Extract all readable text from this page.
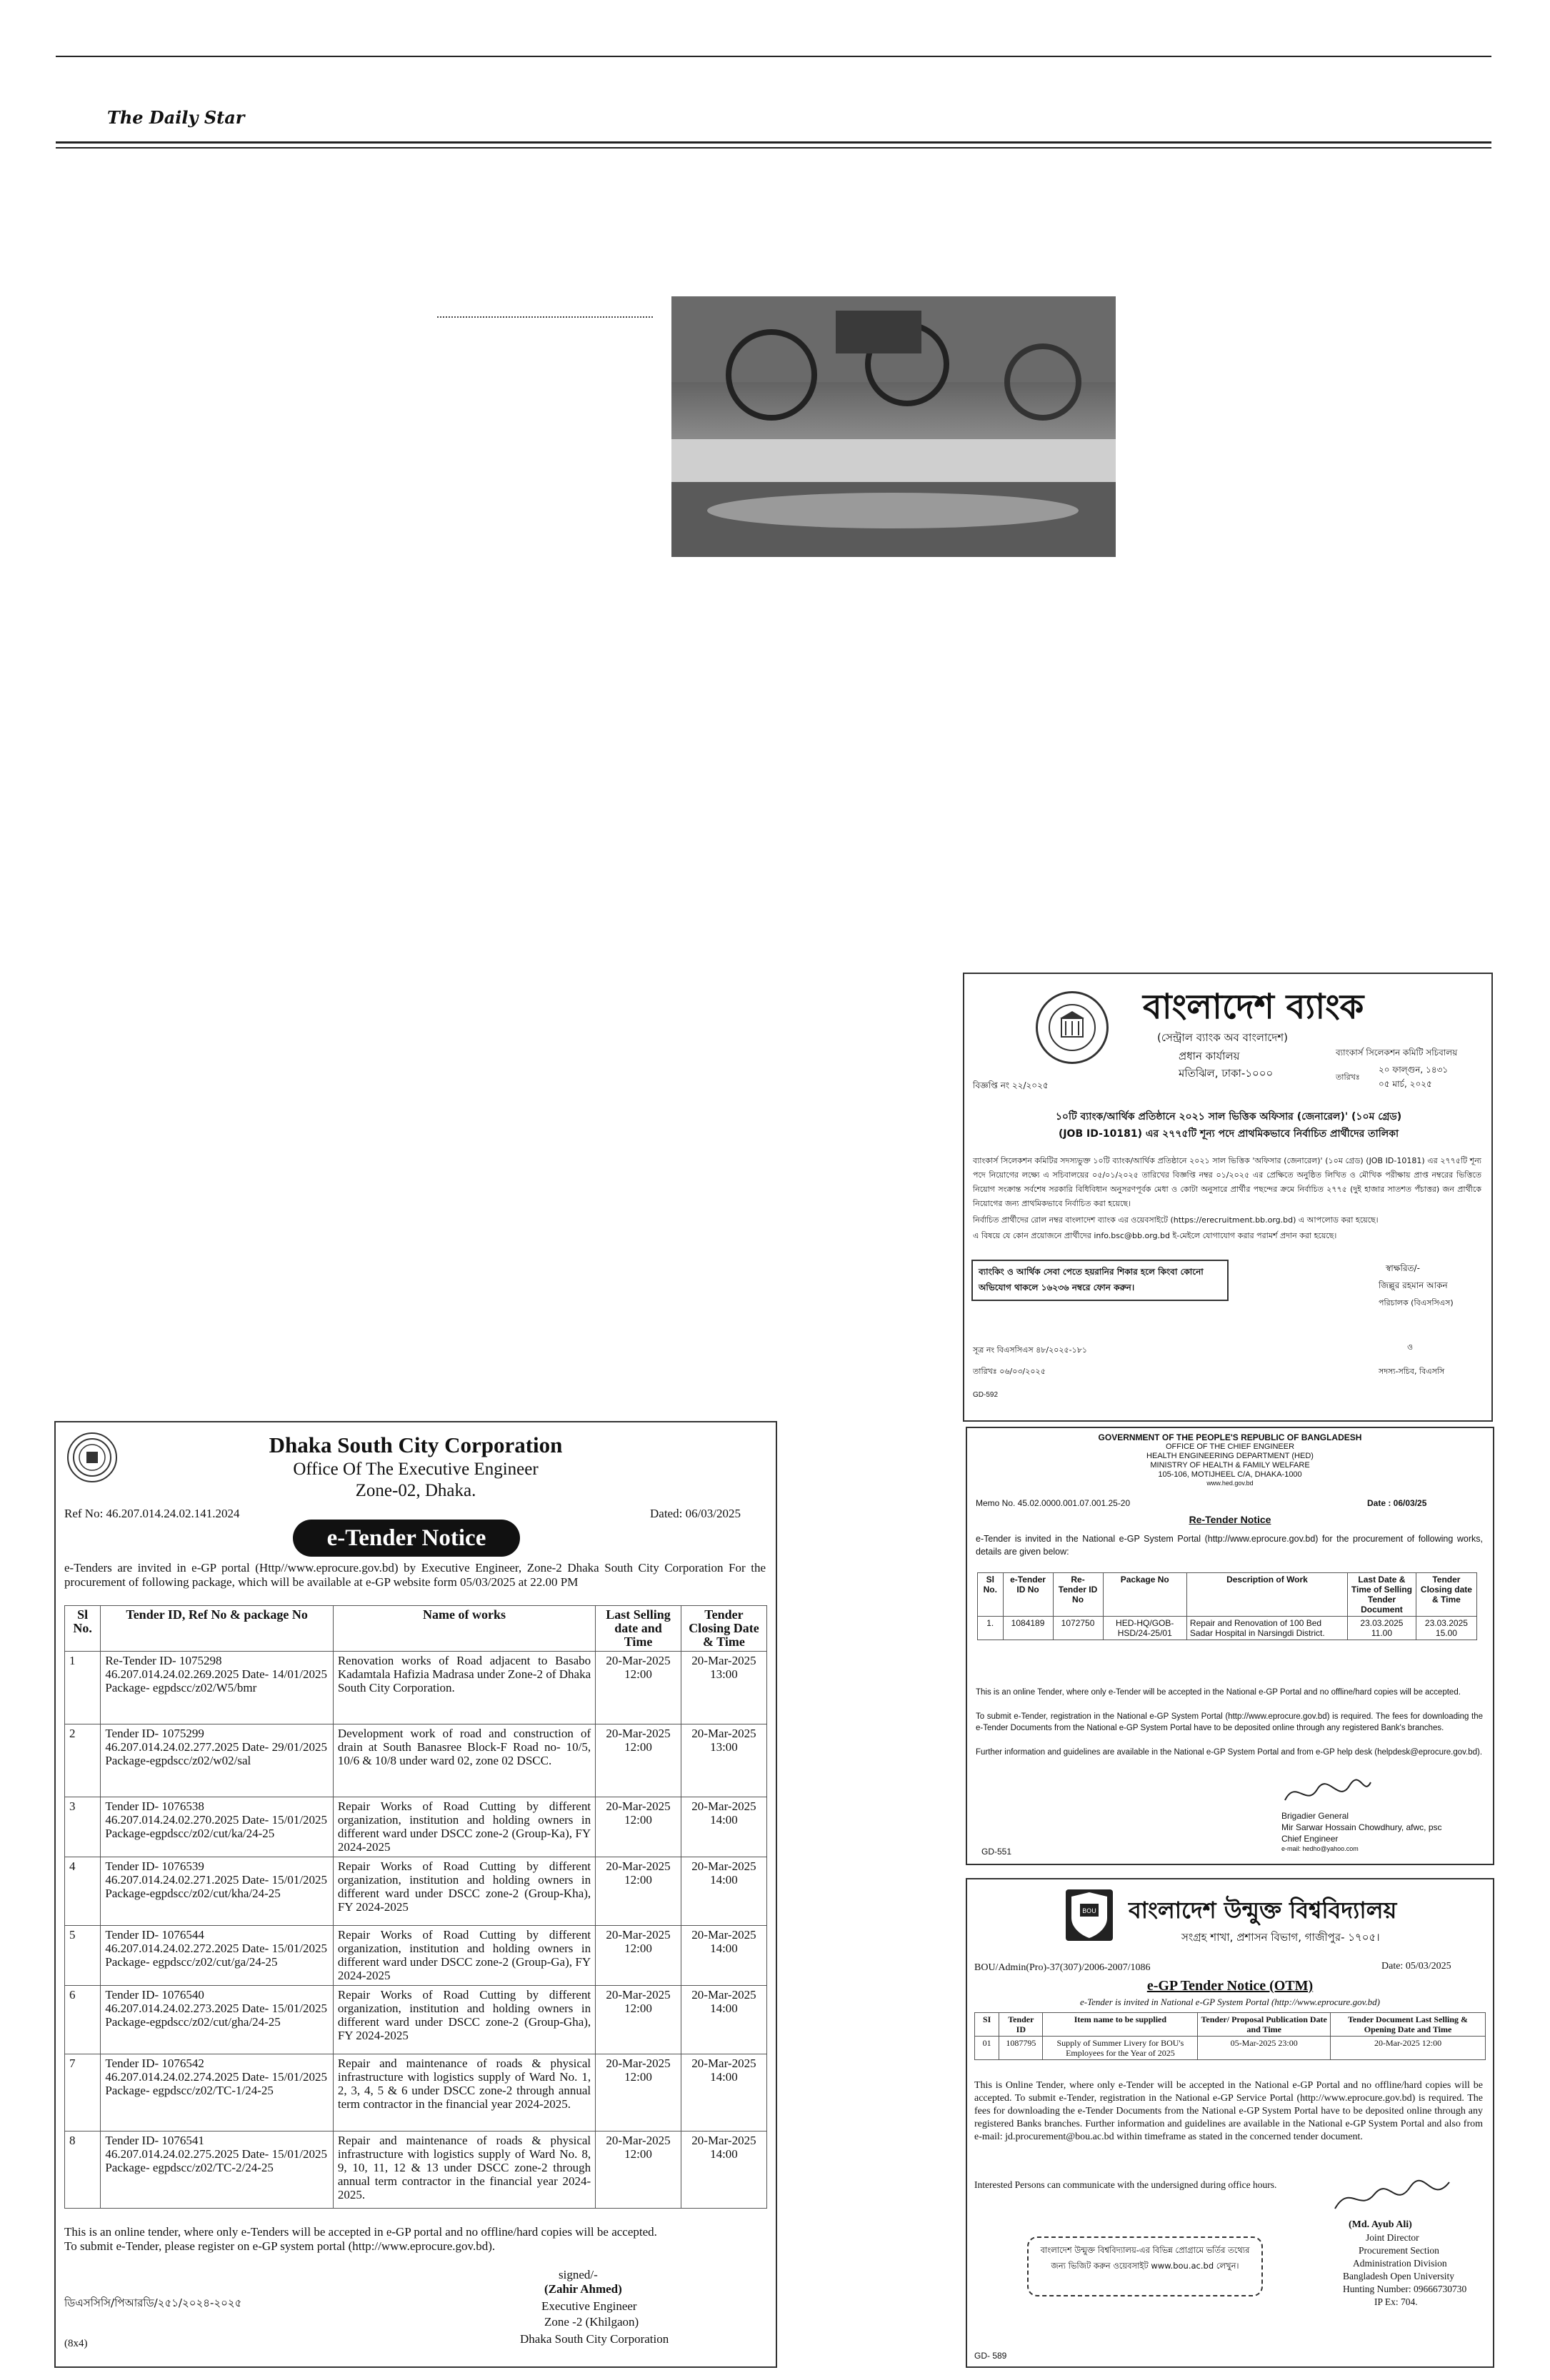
The Daily Star
বাংলাদেশ ব্যাংক
(সেন্ট্রাল ব্যাংক অব বাংলাদেশ)
প্রধান কার্যালয়
মতিঝিল, ঢাকা-১০০০
ব্যাংকার্স সিলেকশন কমিটি সচিবালয়
তারিখঃ
২০ ফাল্গুন, ১৪৩১
০৫ মার্চ, ২০২৫
বিজ্ঞপ্তি নং ২২/২০২৫
১০টি ব্যাংক/আর্থিক প্রতিষ্ঠানে ২০২১ সাল ভিত্তিক অফিসার (জেনারেল)' (১০ম গ্রেড)
(JOB ID-10181) এর ২৭৭৫টি শূন্য পদে প্রাথমিকভাবে নির্বাচিত প্রার্থীদের তালিকা
ব্যাংকার্স সিলেকশন কমিটির সদস্যভুক্ত ১০টি ব্যাংক/আর্থিক প্রতিষ্ঠানে ২০২১ সাল ভিত্তিক 'অফিসার (জেনারেল)' (১০ম গ্রেড) (JOB ID-10181) এর ২৭৭৫টি শূন্য পদে নিয়োগের লক্ষ্যে এ সচিবালয়ের ০৫/০১/২০২৫ তারিখের বিজ্ঞপ্তি নম্বর ০১/২০২৫ এর প্রেক্ষিতে অনুষ্ঠিত লিখিত ও মৌখিক পরীক্ষায় প্রাপ্ত নম্বরের ভিত্তিতে নিয়োগ সংক্রান্ত সর্বশেষ সরকারি বিধিবিধান অনুসরণপূর্বক মেধা ও কোটা অনুসারে প্রার্থীর পছন্দের ক্রমে নির্বাচিত ২৭৭৫ (দুই হাজার সাতশত পঁচাত্তর) জন প্রার্থীকে নিয়োগের জন্য প্রাথমিকভাবে নির্বাচিত করা হয়েছে।
নির্বাচিত প্রার্থীদের রোল নম্বর বাংলাদেশ ব্যাংক এর ওয়েবসাইটে (https://erecruitment.bb.org.bd) এ আপলোড করা হয়েছে।
এ বিষয়ে যে কোন প্রয়োজনে প্রার্থীদের info.bsc@bb.org.bd ই-মেইলে যোগাযোগ করার পরামর্শ প্রদান করা হয়েছে।
ব্যাংকিং ও আর্থিক সেবা পেতে হয়রানির শিকার হলে কিংবা কোনো অভিযোগ থাকলে ১৬২৩৬ নম্বরে ফোন করুন।
স্বাক্ষরিত/-
জিল্লুর রহমান আকন
পরিচালক (বিএসসিএস)
ও
সদস্য-সচিব, বিএসসি
সূত্র নং বিএসসিএস ৪৮/২০২৫-১৮১
তারিখঃ ০৬/০৩/২০২৫
GD-592
GOVERNMENT OF THE PEOPLE'S REPUBLIC OF BANGLADESH
OFFICE OF THE CHIEF ENGINEER
HEALTH ENGINEERING DEPARTMENT (HED)
MINISTRY OF HEALTH & FAMILY WELFARE
105-106, MOTIJHEEL C/A, DHAKA-1000
www.hed.gov.bd
Memo No. 45.02.0000.001.07.001.25-20	Date : 06/03/25
Re-Tender Notice
e-Tender is invited in the National e-GP System Portal (http://www.eprocure.gov.bd) for the procurement of following works, details are given below:
Sl No.	e-Tender ID No	Re- Tender ID No	Package No	Description of Work	Last Date & Time of Selling Tender Document	Tender Closing date & Time
1.	1084189	1072750	HED-HQ/GOB-HSD/24-25/01	Repair and Renovation of 100 Bed Sadar Hospital in Narsingdi District.	23.03.2025 11.00	23.03.2025 15.00
This is an online Tender, where only e-Tender will be accepted in the National e-GP Portal and no offline/hard copies will be accepted.
To submit e-Tender, registration in the National e-GP System Portal (http://www.eprocure.gov.bd) is required. The fees for downloading the e-Tender Documents from the National e-GP System Portal have to be deposited online through any registered Bank's branches.
Further information and guidelines are available in the National e-GP System Portal and from e-GP help desk (helpdesk@eprocure.gov.bd).
Brigadier General
Mir Sarwar Hossain Chowdhury, afwc, psc
Chief Engineer
e-mail: hedho@yahoo.com
GD-551
BOU বাংলাদেশ উন্মুক্ত বিশ্ববিদ্যালয়
সংগ্রহ শাখা, প্রশাসন বিভাগ, গাজীপুর- ১৭০৫।
BOU/Admin(Pro)-37(307)/2006-2007/1086	Date: 05/03/2025
e-GP Tender Notice (OTM)
e-Tender is invited in National e-GP System Portal (http://www.eprocure.gov.bd)
SI	Tender ID	Item name to be supplied	Tender/ Proposal Publication Date and Time	Tender Document Last Selling & Opening Date and Time
01	1087795	Supply of Summer Livery for BOU's Employees for the Year of 2025	05-Mar-2025 23:00	20-Mar-2025 12:00
This is Online Tender, where only e-Tender will be accepted in the National e-GP Portal and no offline/hard copies will be accepted. To submit e-Tender, registration in the National e-GP Service Portal (http://www.eprocure.gov.bd) is required. The fees for downloading the e-Tender Documents from the National e-GP System Portal have to be deposited online through any registered Banks branches. Further information and guidelines are available in the National e-GP System Portal and also from e-mail: jd.procurement@bou.ac.bd within timeframe as stated in the concerned tender document.
Interested Persons can communicate with the undersigned during office hours.
(Md. Ayub Ali)
Joint Director
Procurement Section
Administration Division
Bangladesh Open University
Hunting Number: 09666730730
IP Ex: 704.
বাংলাদেশ উন্মুক্ত বিশ্ববিদ্যালয়-এর বিভিন্ন প্রোগ্রামে ভর্তির তথ্যের জন্য ভিজিট করুন ওয়েবসাইট www.bou.ac.bd লেখুন।
GD- 589
Dhaka South City Corporation
Office Of The Executive Engineer
Zone-02, Dhaka.
Ref No: 46.207.014.24.02.141.2024	Dated: 06/03/2025
e-Tender Notice
e-Tenders are invited in e-GP portal (Http//www.eprocure.gov.bd) by Executive Engineer, Zone-2 Dhaka South City Corporation For the procurement of following package, which will be available at e-GP website form 05/03/2025 at 22.00 PM
Sl No.	Tender ID, Ref No & package No	Name of works	Last Selling date and Time	Tender Closing Date & Time
1	Re-Tender ID- 1075298 46.207.014.24.02.269.2025 Date- 14/01/2025 Package- egpdscc/z02/W5/bmr	Renovation works of Road adjacent to Basabo Kadamtala Hafizia Madrasa under Zone-2 of Dhaka South City Corporation.	20-Mar-2025 12:00	20-Mar-2025 13:00
2	Tender ID- 1075299 46.207.014.24.02.277.2025 Date- 29/01/2025 Package-egpdscc/z02/w02/sal	Development work of road and construction of drain at South Banasree Block-F Road no- 10/5, 10/6 & 10/8 under ward 02, zone 02 DSCC.	20-Mar-2025 12:00	20-Mar-2025 13:00
3	Tender ID- 1076538 46.207.014.24.02.270.2025 Date- 15/01/2025 Package-egpdscc/z02/cut/ka/24-25	Repair Works of Road Cutting by different organization, institution and holding owners in different ward under DSCC zone-2 (Group-Ka), FY 2024-2025	20-Mar-2025 12:00	20-Mar-2025 14:00
4	Tender ID- 1076539 46.207.014.24.02.271.2025 Date- 15/01/2025 Package-egpdscc/z02/cut/kha/24-25	Repair Works of Road Cutting by different organization, institution and holding owners in different ward under DSCC zone-2 (Group-Kha), FY 2024-2025	20-Mar-2025 12:00	20-Mar-2025 14:00
5	Tender ID- 1076544 46.207.014.24.02.272.2025 Date- 15/01/2025 Package- egpdscc/z02/cut/ga/24-25	Repair Works of Road Cutting by different organization, institution and holding owners in different ward under DSCC zone-2 (Group-Ga), FY 2024-2025	20-Mar-2025 12:00	20-Mar-2025 14:00
6	Tender ID- 1076540 46.207.014.24.02.273.2025 Date- 15/01/2025 Package-egpdscc/z02/cut/gha/24-25	Repair Works of Road Cutting by different organization, institution and holding owners in different ward under DSCC zone-2 (Group-Gha), FY 2024-2025	20-Mar-2025 12:00	20-Mar-2025 14:00
7	Tender ID- 1076542 46.207.014.24.02.274.2025 Date- 15/01/2025 Package- egpdscc/z02/TC-1/24-25	Repair and maintenance of roads & physical infrastructure with logistics supply of Ward No. 1, 2, 3, 4, 5 & 6 under DSCC zone-2 through annual term contractor in the financial year 2024-2025.	20-Mar-2025 12:00	20-Mar-2025 14:00
8	Tender ID- 1076541 46.207.014.24.02.275.2025 Date- 15/01/2025 Package- egpdscc/z02/TC-2/24-25	Repair and maintenance of roads & physical infrastructure with logistics supply of Ward No. 8, 9, 10, 11, 12 & 13 under DSCC zone-2 through annual term contractor in the financial year 2024-2025.	20-Mar-2025 12:00	20-Mar-2025 14:00
This is an online tender, where only e-Tenders will be accepted in e-GP portal and no offline/hard copies will be accepted.
To submit e-Tender, please register on e-GP system portal (http://www.eprocure.gov.bd).
signed/-
(Zahir Ahmed)
Executive Engineer
Zone -2 (Khilgaon)
Dhaka South City Corporation
ডিএসসিসি/পিআরডি/২৫১/২০২৪-২০২৫
(8x4)
